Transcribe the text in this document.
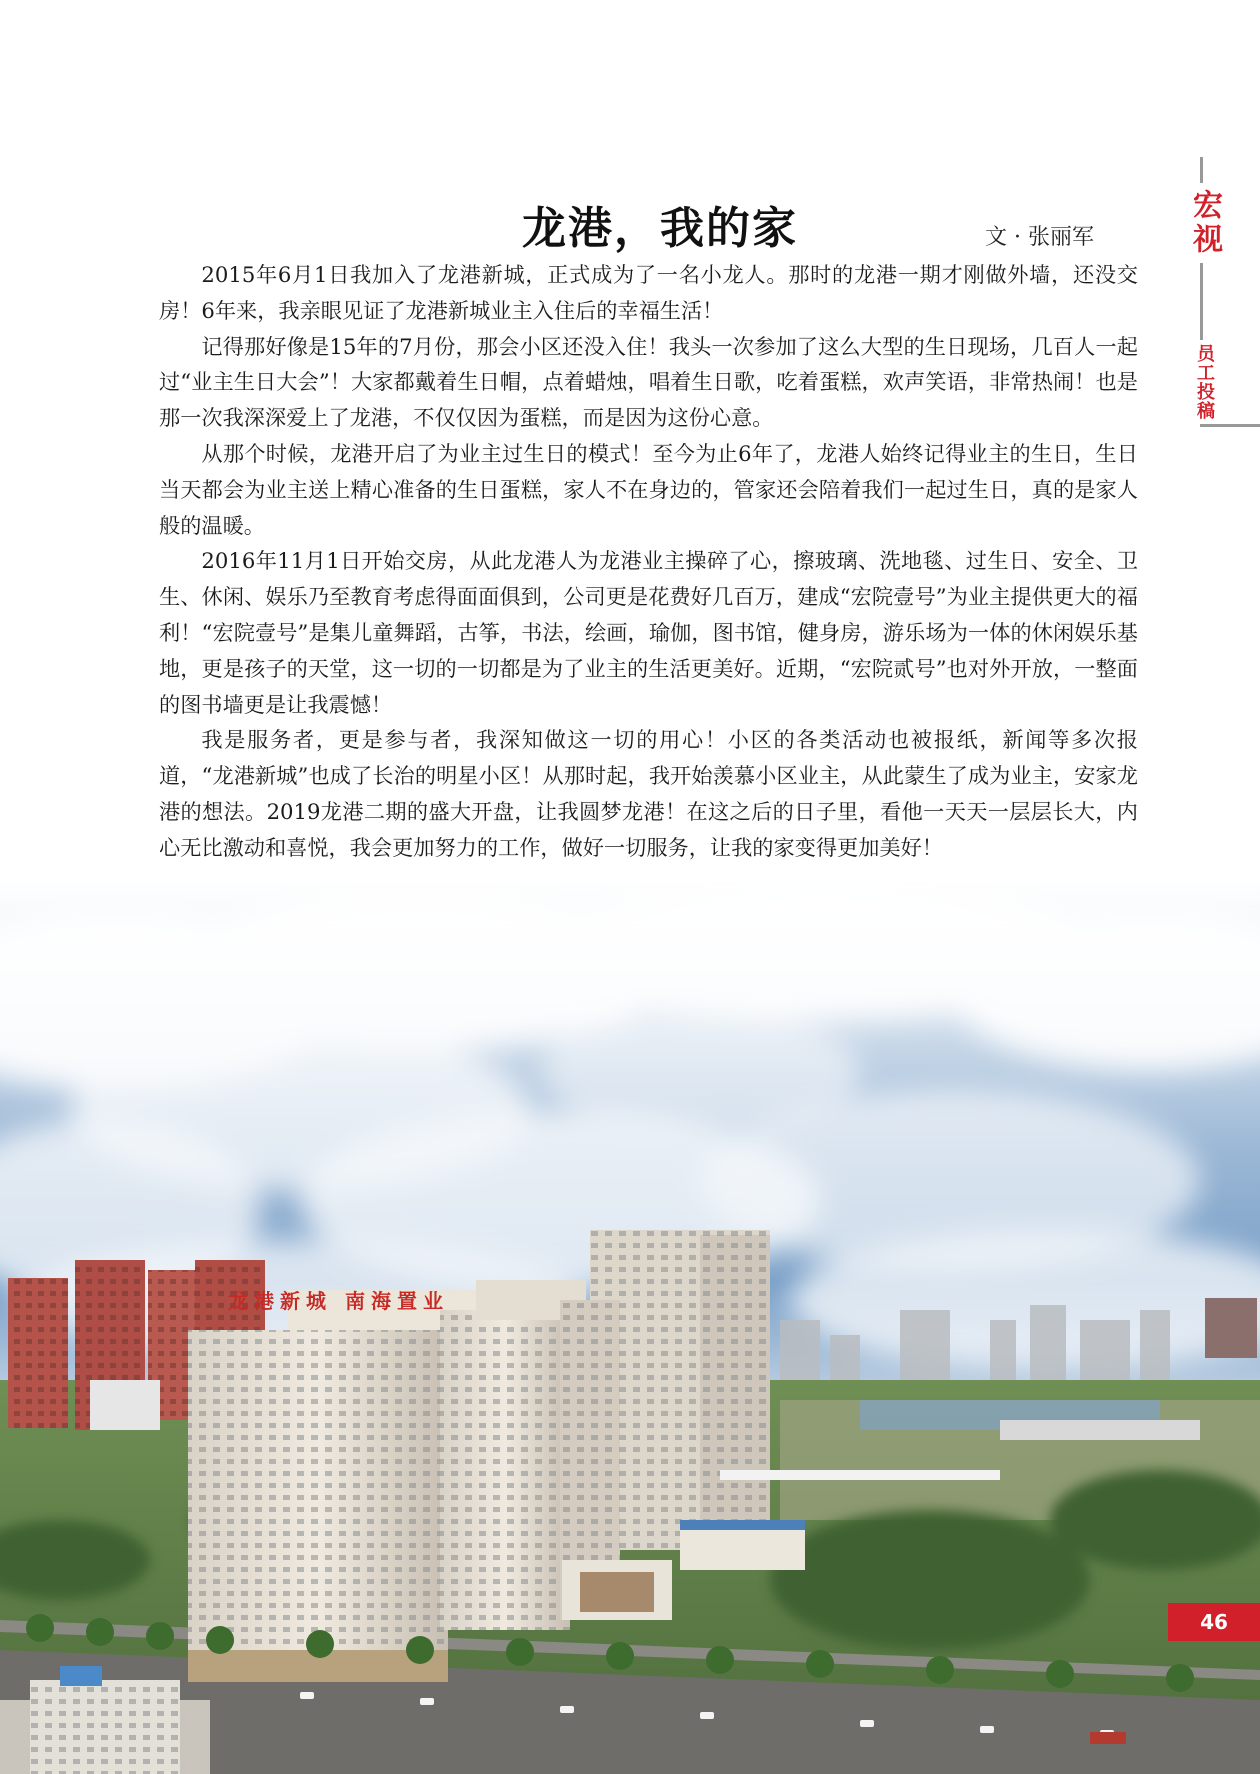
龙港，我的家	文 · 张丽军	宏视
员工投稿

2015年6月1日我加入了龙港新城，正式成为了一名小龙人。那时的龙港一期才刚做外墙，还没交房！6年来，我亲眼见证了龙港新城业主入住后的幸福生活！

记得那好像是15年的7月份，那会小区还没入住！我头一次参加了这么大型的生日现场，几百人一起过“业主生日大会”！大家都戴着生日帽，点着蜡烛，唱着生日歌，吃着蛋糕，欢声笑语，非常热闹！也是那一次我深深爱上了龙港，不仅仅因为蛋糕，而是因为这份心意。

从那个时候，龙港开启了为业主过生日的模式！至今为止6年了，龙港人始终记得业主的生日，生日当天都会为业主送上精心准备的生日蛋糕，家人不在身边的，管家还会陪着我们一起过生日，真的是家人般的温暖。

2016年11月1日开始交房，从此龙港人为龙港业主操碎了心，擦玻璃、洗地毯、过生日、安全、卫生、休闲、娱乐乃至教育考虑得面面俱到，公司更是花费好几百万，建成“宏院壹号”为业主提供更大的福利！“宏院壹号”是集儿童舞蹈，古筝，书法，绘画，瑜伽，图书馆，健身房，游乐场为一体的休闲娱乐基地，更是孩子的天堂，这一切的一切都是为了业主的生活更美好。近期，“宏院贰号”也对外开放，一整面的图书墙更是让我震憾！

我是服务者，更是参与者，我深知做这一切的用心！小区的各类活动也被报纸，新闻等多次报道，“龙港新城”也成了长治的明星小区！从那时起，我开始羡慕小区业主，从此蒙生了成为业主，安家龙港的想法。2019龙港二期的盛大开盘，让我圆梦龙港！在这之后的日子里，看他一天天一层层长大，内心无比激动和喜悦，我会更加努力的工作，做好一切服务，让我的家变得更加美好！

龙港新城 南海置业
46
